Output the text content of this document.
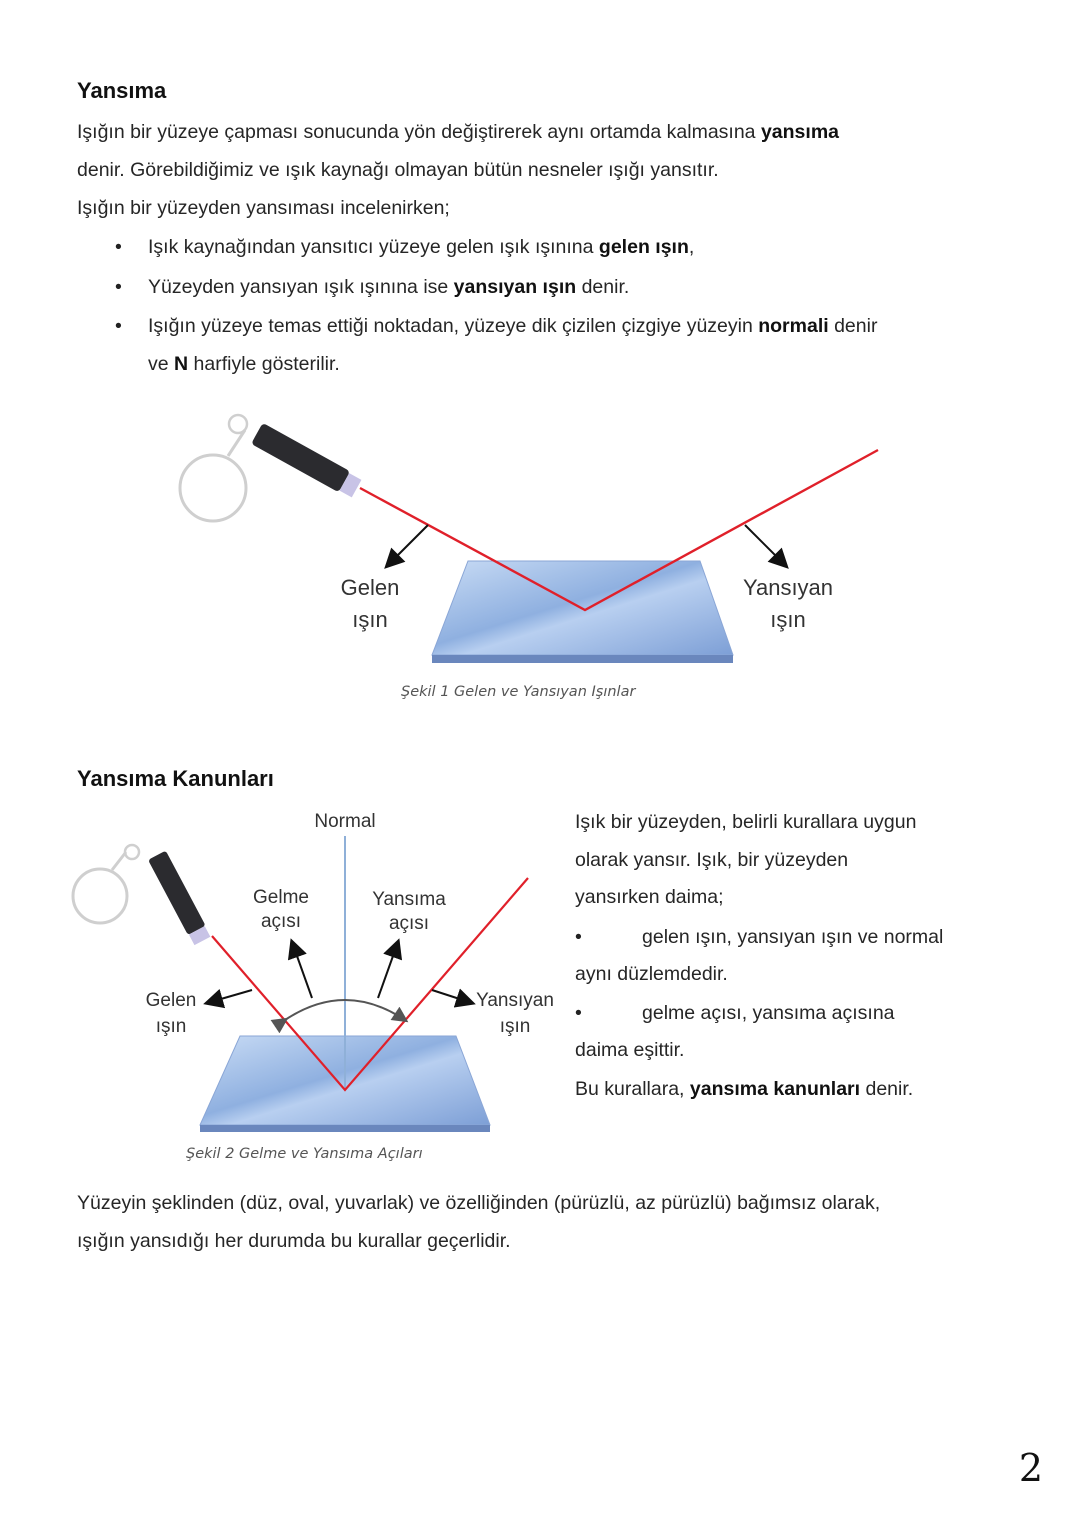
Yansıma
Işığın bir yüzeye çapması sonucunda yön değiştirerek aynı ortamda kalmasına yansıma
denir. Görebildiğimiz ve ışık kaynağı olmayan bütün nesneler ışığı yansıtır.
Işığın bir yüzeyden yansıması incelenirken;
• Işık kaynağından yansıtıcı yüzeye gelen ışık ışınına gelen ışın,
• Yüzeyden yansıyan ışık ışınına ise yansıyan ışın denir.
• Işığın yüzeye temas ettiği noktadan, yüzeye dik çizilen çizgiye yüzeyin normali denir
ve N harfiyle gösterilir.
Gelen
ışın
Yansıyan
ışın
Şekil 1 Gelen ve Yansıyan Işınlar
Yansıma Kanunları
Normal
Gelme
açısı
Yansıma
açısı
Gelen
ışın
Yansıyan
ışın
Şekil 2 Gelme ve Yansıma Açıları
Işık bir yüzeyden, belirli kurallara uygun
olarak yansır. Işık, bir yüzeyden
yansırken daima;
•	gelen ışın, yansıyan ışın ve normal
aynı düzlemdedir.
•	gelme açısı, yansıma açısına
daima eşittir.
Bu kurallara, yansıma kanunları denir.
Yüzeyin şeklinden (düz, oval, yuvarlak) ve özelliğinden (pürüzlü, az pürüzlü) bağımsız olarak,
ışığın yansıdığı her durumda bu kurallar geçerlidir.
2
